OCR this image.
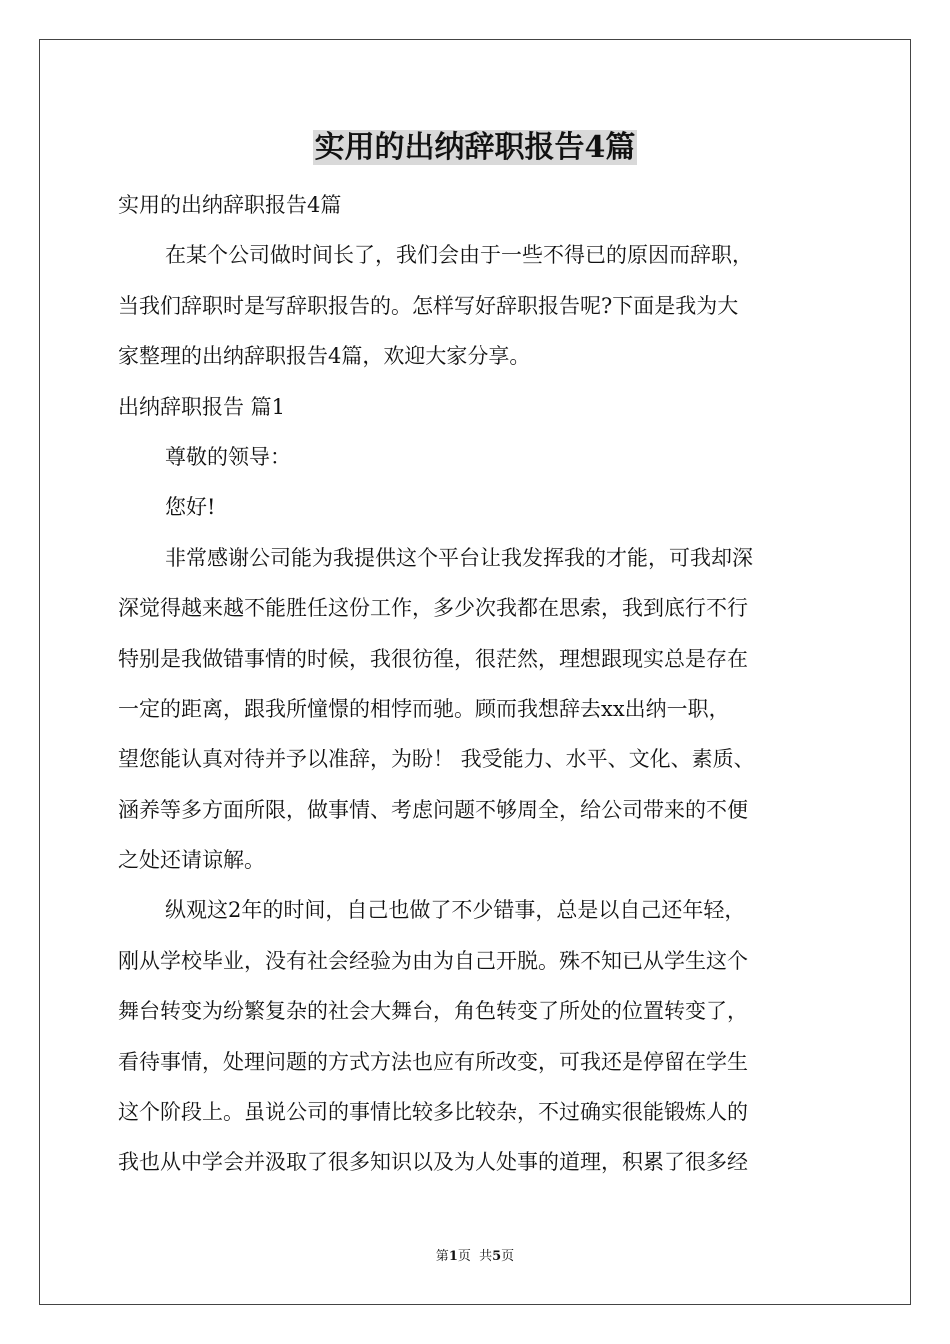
实用的出纳辞职报告4篇

实用的出纳辞职报告4篇

在某个公司做时间长了，我们会由于一些不得已的原因而辞职，

当我们辞职时是写辞职报告的。怎样写好辞职报告呢?下面是我为大

家整理的出纳辞职报告4篇，欢迎大家分享。

出纳辞职报告 篇1

尊敬的领导：

您好!

非常感谢公司能为我提供这个平台让我发挥我的才能，可我却深

深觉得越来越不能胜任这份工作，多少次我都在思索，我到底行不行

特别是我做错事情的时候，我很彷徨，很茫然，理想跟现实总是存在

一定的距离，跟我所憧憬的相悖而驰。顾而我想辞去xx出纳一职，

望您能认真对待并予以准辞，为盼！ 我受能力、水平、文化、素质、

涵养等多方面所限，做事情、考虑问题不够周全，给公司带来的不便

之处还请谅解。

纵观这2年的时间，自己也做了不少错事，总是以自己还年轻，

刚从学校毕业，没有社会经验为由为自己开脱。殊不知已从学生这个

舞台转变为纷繁复杂的社会大舞台，角色转变了所处的位置转变了，

看待事情，处理问题的方式方法也应有所改变，可我还是停留在学生

这个阶段上。虽说公司的事情比较多比较杂，不过确实很能锻炼人的

我也从中学会并汲取了很多知识以及为人处事的道理，积累了很多经

第1页  共5页
